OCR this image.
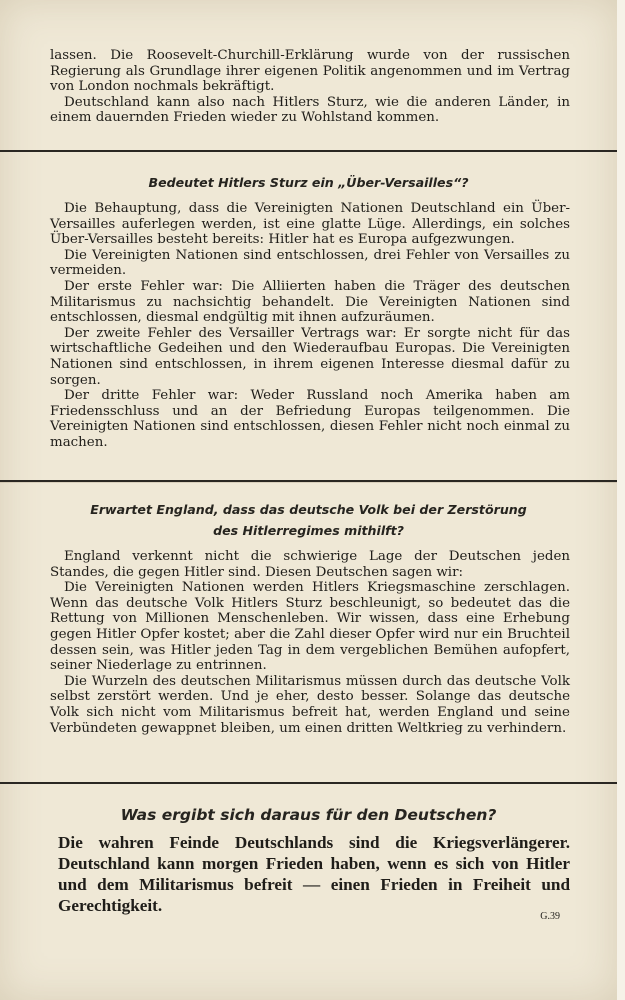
lassen. Die Roosevelt-Churchill-Erklärung wurde von der russischen Regierung als Grundlage ihrer eigenen Politik angenommen und im Vertrag von London nochmals bekräftigt.

Deutschland kann also nach Hitlers Sturz, wie die anderen Länder, in einem dauernden Frieden wieder zu Wohlstand kommen.

Bedeutet Hitlers Sturz ein „Über-Versailles“?

Die Behauptung, dass die Vereinigten Nationen Deutschland ein Über-Versailles auferlegen werden, ist eine glatte Lüge. Allerdings, ein solches Über-Versailles besteht bereits: Hitler hat es Europa aufgezwungen.

Die Vereinigten Nationen sind entschlossen, drei Fehler von Versailles zu vermeiden.

Der erste Fehler war: Die Alliierten haben die Träger des deutschen Militarismus zu nachsichtig behandelt. Die Vereinigten Nationen sind entschlossen, diesmal endgültig mit ihnen aufzuräumen.

Der zweite Fehler des Versailler Vertrags war: Er sorgte nicht für das wirtschaftliche Gedeihen und den Wiederaufbau Europas. Die Vereinigten Nationen sind entschlossen, in ihrem eigenen Interesse diesmal dafür zu sorgen.

Der dritte Fehler war: Weder Russland noch Amerika haben am Friedensschluss und an der Befriedung Europas teilgenommen. Die Vereinigten Nationen sind entschlossen, diesen Fehler nicht noch einmal zu machen.

Erwartet England, dass das deutsche Volk bei der Zerstörung
des Hitlerregimes mithilft?

England verkennt nicht die schwierige Lage der Deutschen jeden Standes, die gegen Hitler sind. Diesen Deutschen sagen wir:

Die Vereinigten Nationen werden Hitlers Kriegsmaschine zerschlagen. Wenn das deutsche Volk Hitlers Sturz beschleunigt, so bedeutet das die Rettung von Millionen Menschenleben. Wir wissen, dass eine Erhebung gegen Hitler Opfer kostet; aber die Zahl dieser Opfer wird nur ein Bruchteil dessen sein, was Hitler jeden Tag in dem vergeblichen Bemühen aufopfert, seiner Niederlage zu entrinnen.

Die Wurzeln des deutschen Militarismus müssen durch das deutsche Volk selbst zerstört werden. Und je eher, desto besser. Solange das deutsche Volk sich nicht vom Militarismus befreit hat, werden England und seine Verbündeten gewappnet bleiben, um einen dritten Weltkrieg zu verhindern.

Was ergibt sich daraus für den Deutschen?
Die wahren Feinde Deutschlands sind die Kriegsverlängerer. Deutschland kann morgen Frieden haben, wenn es sich von Hitler und dem Militarismus befreit — einen Frieden in Freiheit und Gerechtigkeit.
G.39
